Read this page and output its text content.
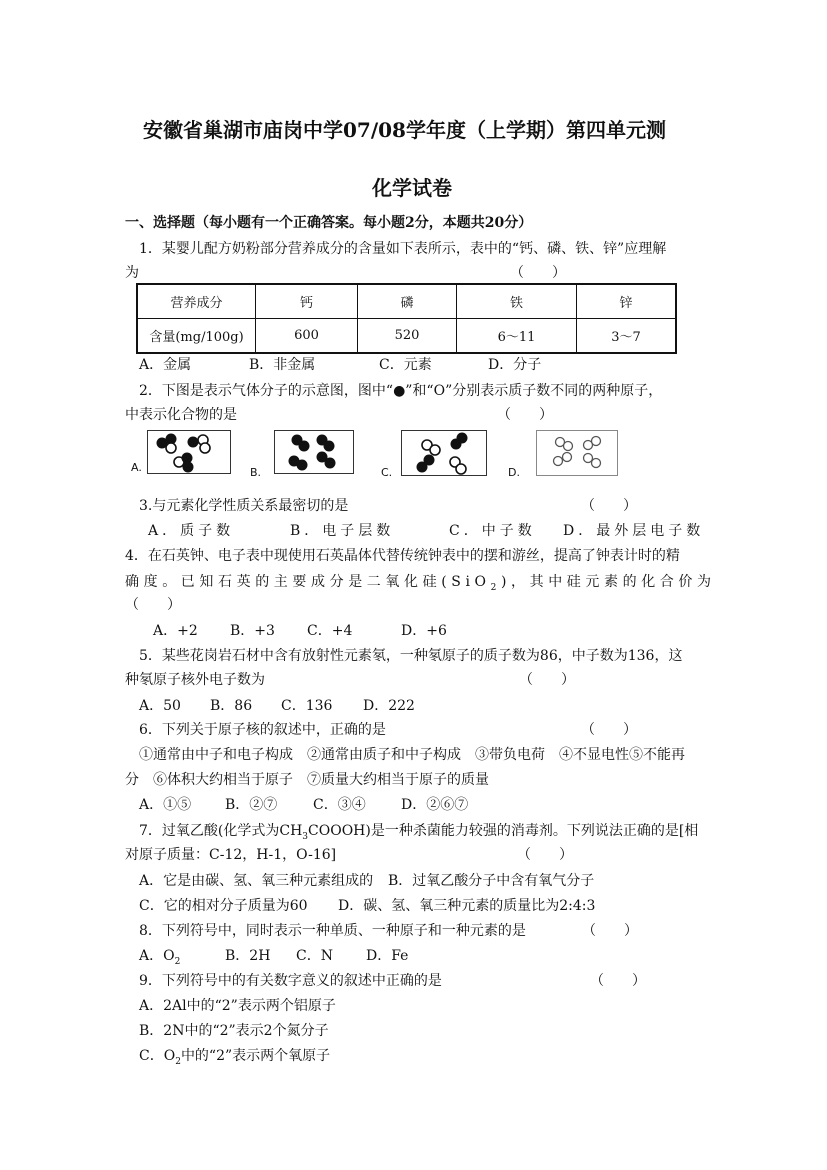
安徽省巢湖市庙岗中学07/08学年度（上学期）第四单元测
化学试卷
一、选择题（每小题有一个正确答案。每小题2分，本题共20分）
1．某婴儿配方奶粉部分营养成分的含量如下表所示，表中的“钙、磷、铁、锌”应理解
为	（　　）
营养成分	钙	磷	铁	锌
含量(mg/100g)	600	520	6～11	3～7
A．金属	B．非金属	C．元素	D．分子
2．下图是表示气体分子的示意图，图中“●”和“O”分别表示质子数不同的两种原子，
中表示化合物的是	（　　）
A.	B.	C.	D.
3.与元素化学性质关系最密切的是	（　　）
A．质子数	B．电子层数	C．中子数 D．最外层电子数
4．在石英钟、电子表中现使用石英晶体代替传统钟表中的摆和游丝，提高了钟表计时的精
确度。已知石英的主要成分是二氧化硅(SiO$_2$)，其中硅元素的化合价为
（　　）
A．+2 B．+3 C．+4	D．+6
5．某些花岗岩石材中含有放射性元素氡，一种氡原子的质子数为86，中子数为136，这
种氡原子核外电子数为	（　　）
A．50 B．86 C．136 D．222
6．下列关于原子核的叙述中，正确的是	（　　）
①通常由中子和电子构成　②通常由质子和中子构成　③带负电荷　④不显电性⑤不能再
分　⑥体积大约相当于原子　⑦质量大约相当于原子的质量
A．①⑤ B．②⑦	C．③④	D．②⑥⑦
7．过氧乙酸(化学式为$CH_3COOOH$)是一种杀菌能力较强的消毒剂。下列说法正确的是[相
对原子质量：C-12，H-1，O-16]	（　　）
A．它是由碳、氢、氧三种元素组成的 B．过氧乙酸分子中含有氧气分子
C．它的相对分子质量为60 D．碳、氢、氧三种元素的质量比为2:4:3
8．下列符号中，同时表示一种单质、一种原子和一种元素的是	（　　）
A．$O_2$	B．2H C．N D．Fe
9．下列符号中的有关数字意义的叙述中正确的是	（　　）
A．2Al中的“2”表示两个铝原子
B．2N中的“2”表示2个氮分子
C．$O_2$中的“2”表示两个氧原子
